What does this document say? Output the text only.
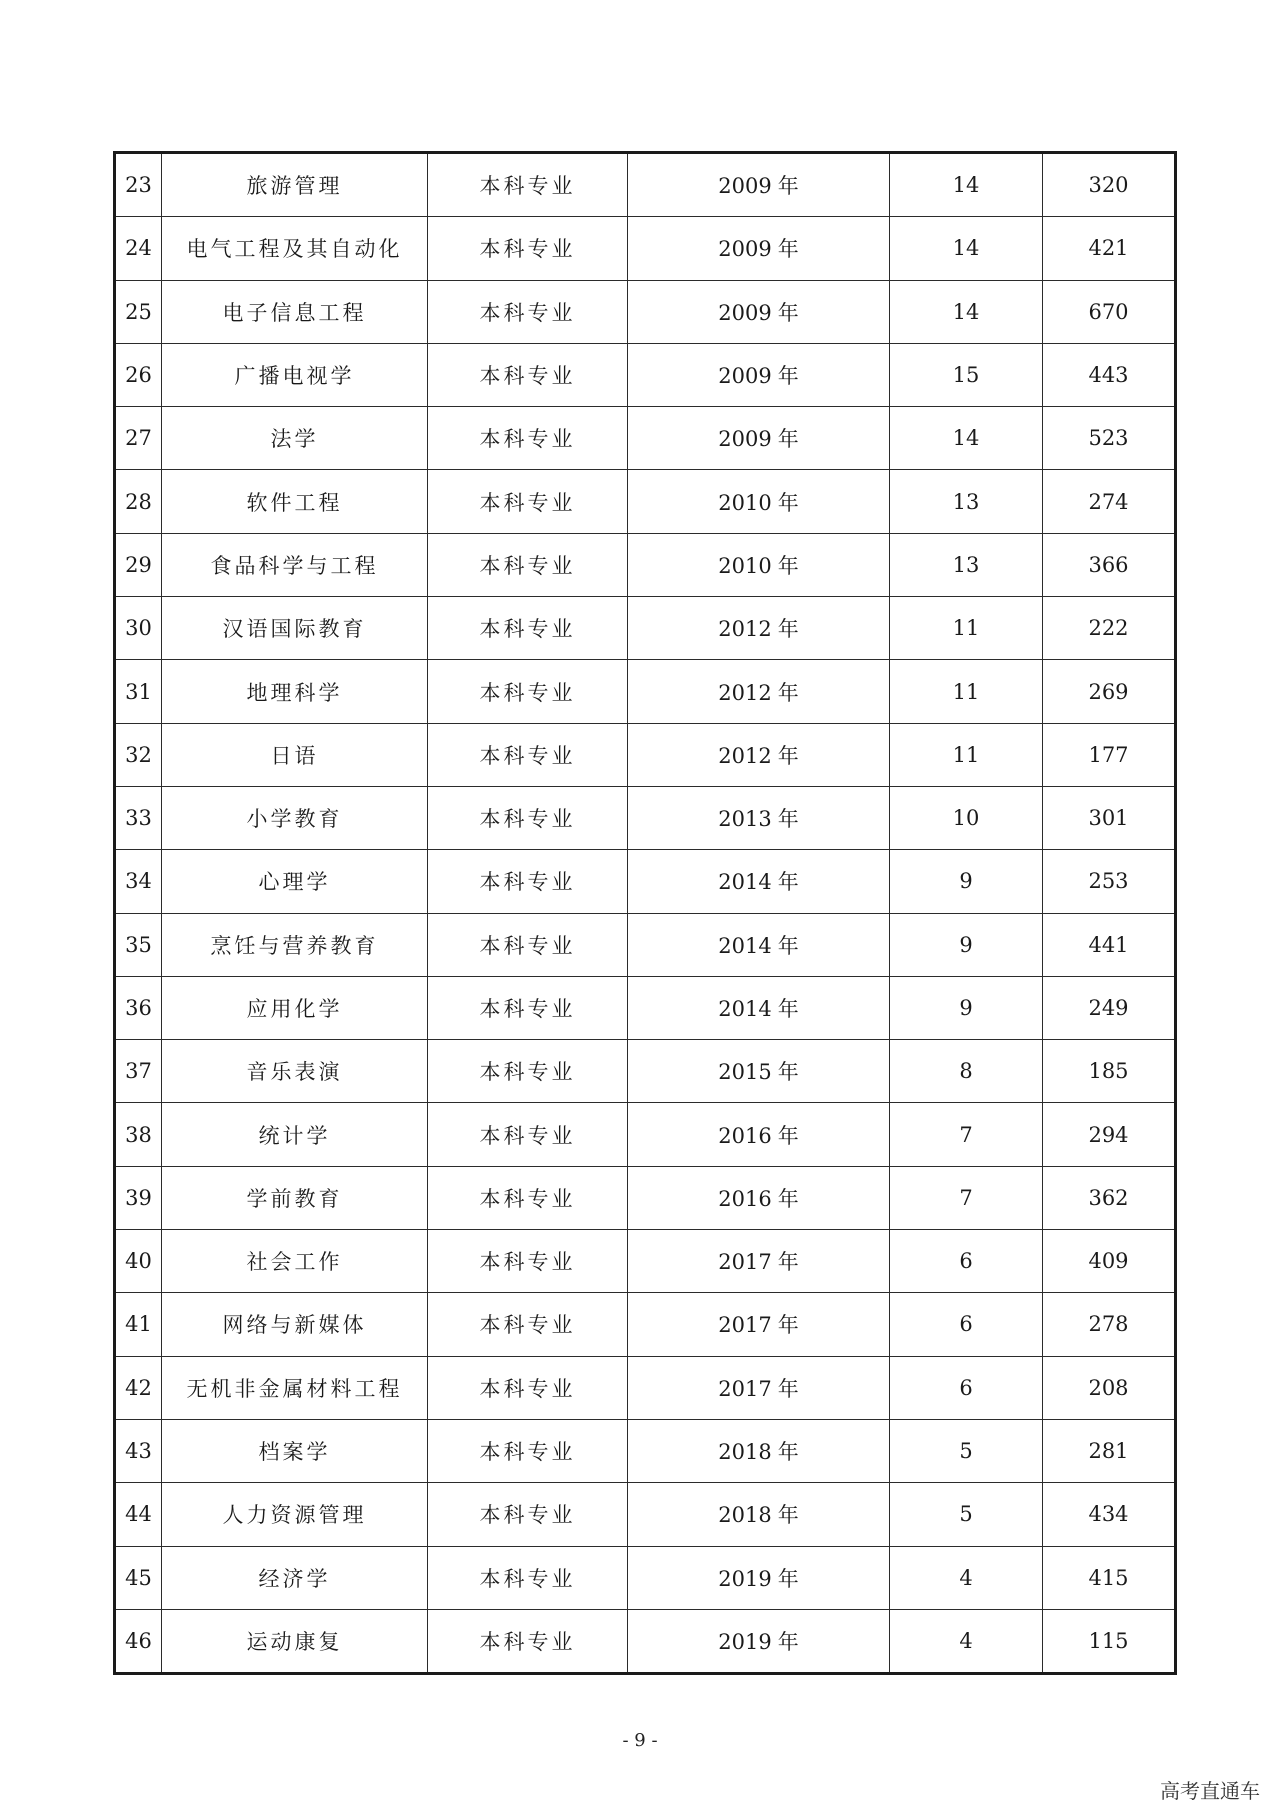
23	旅游管理	本科专业	2009 年	14	320
24	电气工程及其自动化	本科专业	2009 年	14	421
25	电子信息工程	本科专业	2009 年	14	670
26	广播电视学	本科专业	2009 年	15	443
27	法学	本科专业	2009 年	14	523
28	软件工程	本科专业	2010 年	13	274
29	食品科学与工程	本科专业	2010 年	13	366
30	汉语国际教育	本科专业	2012 年	11	222
31	地理科学	本科专业	2012 年	11	269
32	日语	本科专业	2012 年	11	177
33	小学教育	本科专业	2013 年	10	301
34	心理学	本科专业	2014 年	9	253
35	烹饪与营养教育	本科专业	2014 年	9	441
36	应用化学	本科专业	2014 年	9	249
37	音乐表演	本科专业	2015 年	8	185
38	统计学	本科专业	2016 年	7	294
39	学前教育	本科专业	2016 年	7	362
40	社会工作	本科专业	2017 年	6	409
41	网络与新媒体	本科专业	2017 年	6	278
42	无机非金属材料工程	本科专业	2017 年	6	208
43	档案学	本科专业	2018 年	5	281
44	人力资源管理	本科专业	2018 年	5	434
45	经济学	本科专业	2019 年	4	415
46	运动康复	本科专业	2019 年	4	115
- 9 -
高考直通车
